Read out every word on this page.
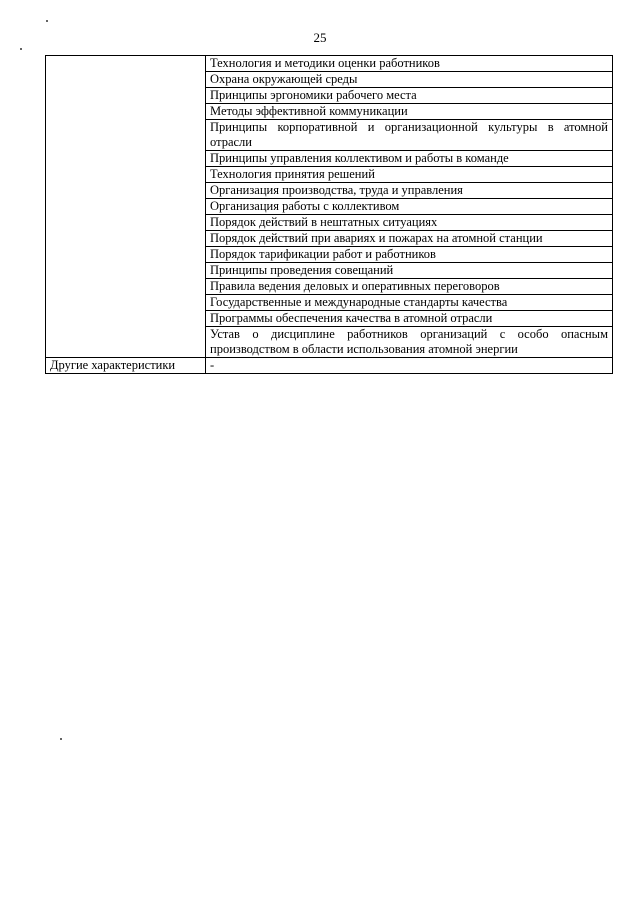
25
	Технология и методики оценки работников
	Охрана окружающей среды
	Принципы эргономики рабочего места
	Методы эффективной коммуникации
	Принципы корпоративной и организационной культуры в атомной отрасли
	Принципы управления коллективом и работы в команде
	Технология принятия решений
	Организация производства, труда и управления
	Организация работы с коллективом
	Порядок действий в нештатных ситуациях
	Порядок действий при авариях и пожарах на атомной станции
	Порядок тарификации работ и работников
	Принципы проведения совещаний
	Правила ведения деловых и оперативных переговоров
	Государственные и международные стандарты качества
	Программы обеспечения качества в атомной отрасли
	Устав о дисциплине работников организаций с особо опасным производством в области использования атомной энергии
Другие характеристики	-
